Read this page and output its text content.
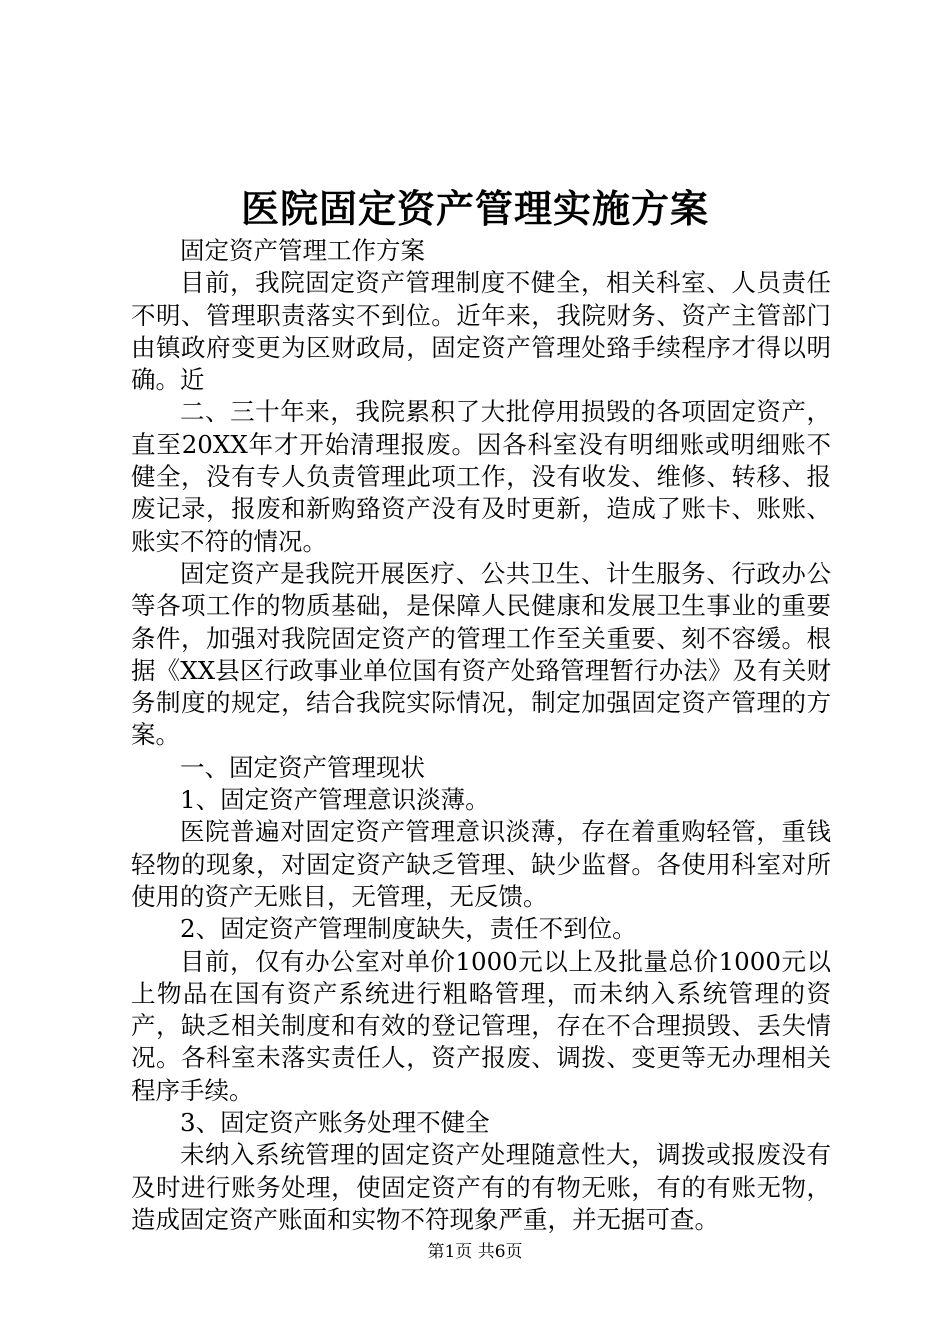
医院固定资产管理实施方案

固定资产管理工作方案

目前，我院固定资产管理制度不健全，相关科室、人员责任不明、管理职责落实不到位。近年来，我院财务、资产主管部门由镇政府变更为区财政局，固定资产管理处臵手续程序才得以明确。近

二、三十年来，我院累积了大批停用损毁的各项固定资产，直至20XX年才开始清理报废。因各科室没有明细账或明细账不健全，没有专人负责管理此项工作，没有收发、维修、转移、报废记录，报废和新购臵资产没有及时更新，造成了账卡、账账、账实不符的情况。

固定资产是我院开展医疗、公共卫生、计生服务、行政办公等各项工作的物质基础，是保障人民健康和发展卫生事业的重要条件，加强对我院固定资产的管理工作至关重要、刻不容缓。根据《XX县区行政事业单位国有资产处臵管理暂行办法》及有关财务制度的规定，结合我院实际情况，制定加强固定资产管理的方案。

一、固定资产管理现状

1、固定资产管理意识淡薄。

医院普遍对固定资产管理意识淡薄，存在着重购轻管，重钱轻物的现象，对固定资产缺乏管理、缺少监督。各使用科室对所使用的资产无账目，无管理，无反馈。

2、固定资产管理制度缺失，责任不到位。

目前，仅有办公室对单价1000元以上及批量总价1000元以上物品在国有资产系统进行粗略管理，而未纳入系统管理的资产，缺乏相关制度和有效的登记管理，存在不合理损毁、丢失情况。各科室未落实责任人，资产报废、调拨、变更等无办理相关程序手续。

3、固定资产账务处理不健全

未纳入系统管理的固定资产处理随意性大，调拨或报废没有及时进行账务处理，使固定资产有的有物无账，有的有账无物，造成固定资产账面和实物不符现象严重，并无据可查。

第1页 共6页
